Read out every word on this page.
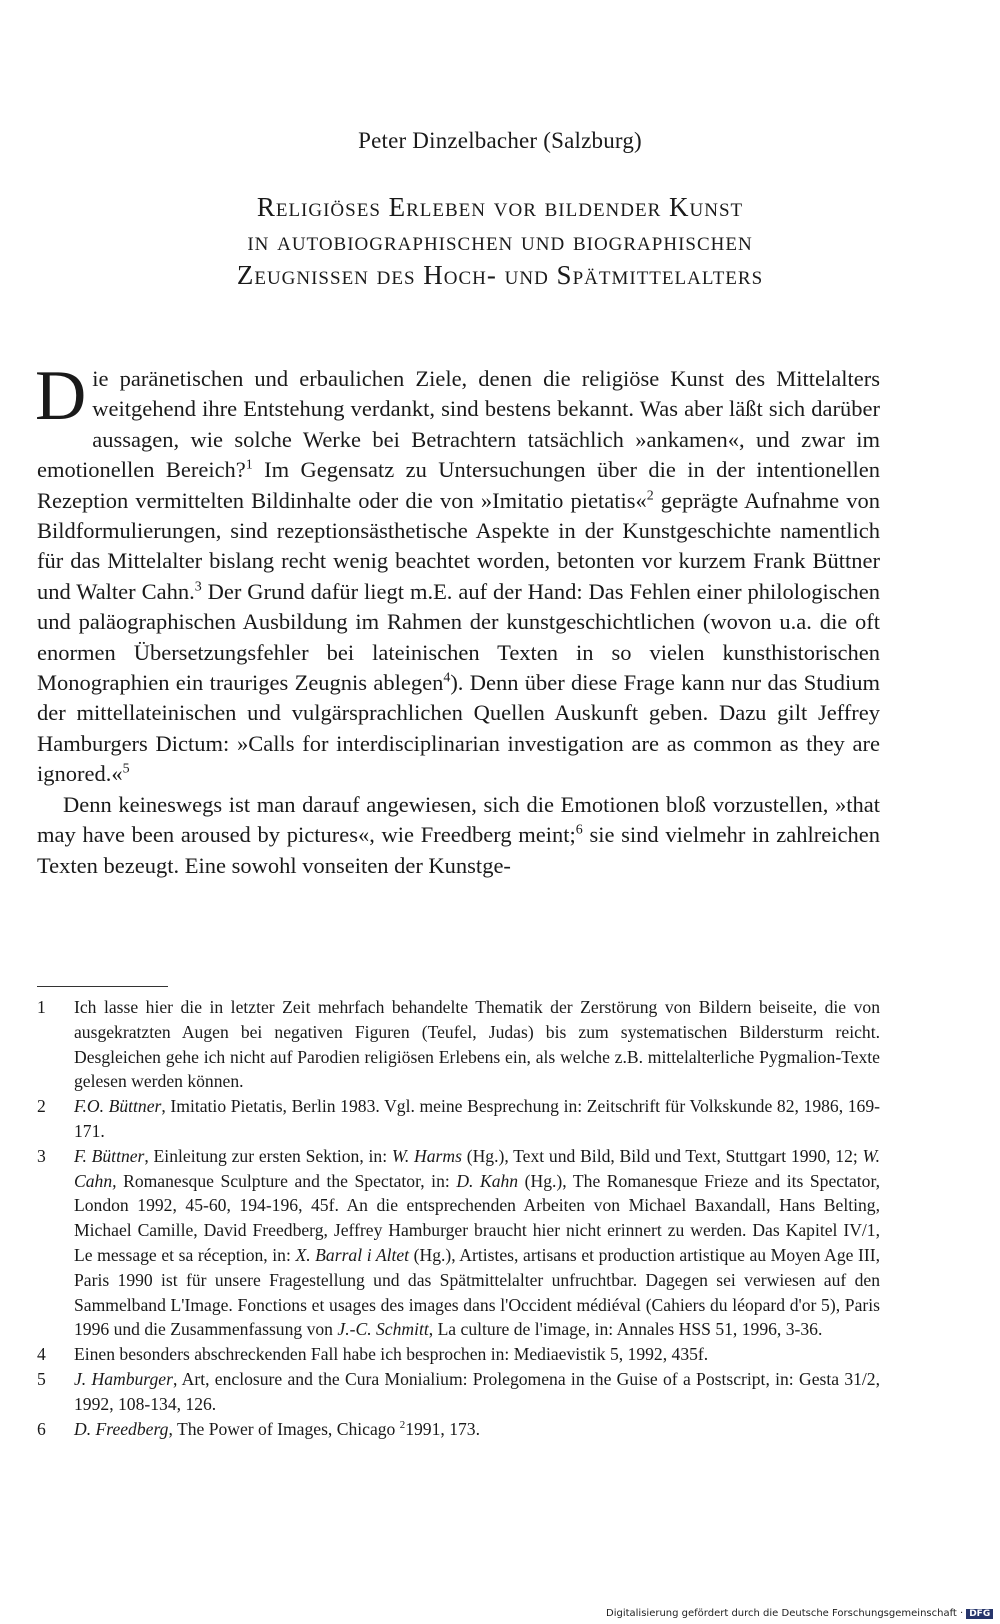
Peter Dinzelbacher (Salzburg)
Religiöses Erleben vor bildender Kunst
in autobiographischen und biographischen
Zeugnissen des Hoch- und Spätmittelalters

Die paränetischen und erbaulichen Ziele, denen die religiöse Kunst des Mittelalters weitgehend ihre Entstehung verdankt, sind bestens bekannt. Was aber läßt sich darüber aussagen, wie solche Werke bei Betrachtern tatsächlich »ankamen«, und zwar im emotionellen Bereich?$^1$ Im Gegensatz zu Untersuchungen über die in der intentionellen Rezeption vermittelten Bildinhalte oder die von »Imitatio pietatis«$^2$ geprägte Aufnahme von Bildformulierungen, sind rezeptionsästhetische Aspekte in der Kunstgeschichte namentlich für das Mittelalter bislang recht wenig beachtet worden, betonten vor kurzem Frank Büttner und Walter Cahn.$^3$ Der Grund dafür liegt m.E. auf der Hand: Das Fehlen einer philologischen und paläographischen Ausbildung im Rahmen der kunstgeschichtlichen (wovon u.a. die oft enormen Übersetzungsfehler bei lateinischen Texten in so vielen kunsthistorischen Monographien ein trauriges Zeugnis ablegen$^4$). Denn über diese Frage kann nur das Studium der mittellateinischen und vulgärsprachlichen Quellen Auskunft geben. Dazu gilt Jeffrey Hamburgers Dictum: »Calls for interdisciplinarian investigation are as common as they are ignored.«$^5$

Denn keineswegs ist man darauf angewiesen, sich die Emotionen bloß vorzustellen, »that may have been aroused by pictures«, wie Freedberg meint;$^6$ sie sind vielmehr in zahlreichen Texten bezeugt. Eine sowohl vonseiten der Kunstge-

1 Ich lasse hier die in letzter Zeit mehrfach behandelte Thematik der Zerstörung von Bildern beiseite, die von ausgekratzten Augen bei negativen Figuren (Teufel, Judas) bis zum systematischen Bildersturm reicht. Desgleichen gehe ich nicht auf Parodien religiösen Erlebens ein, als welche z.B. mittelalterliche Pygmalion-Texte gelesen werden können.
2 F.O. Büttner, Imitatio Pietatis, Berlin 1983. Vgl. meine Besprechung in: Zeitschrift für Volkskunde 82, 1986, 169-171.
3 F. Büttner, Einleitung zur ersten Sektion, in: W. Harms (Hg.), Text und Bild, Bild und Text, Stuttgart 1990, 12; W. Cahn, Romanesque Sculpture and the Spectator, in: D. Kahn (Hg.), The Romanesque Frieze and its Spectator, London 1992, 45-60, 194-196, 45f. An die entsprechenden Arbeiten von Michael Baxandall, Hans Belting, Michael Camille, David Freedberg, Jeffrey Hamburger braucht hier nicht erinnert zu werden. Das Kapitel IV/1, Le message et sa réception, in: X. Barral i Altet (Hg.), Artistes, artisans et production artistique au Moyen Age III, Paris 1990 ist für unsere Fragestellung und das Spätmittelalter unfruchtbar. Dagegen sei verwiesen auf den Sammelband L'Image. Fonctions et usages des images dans l'Occident médiéval (Cahiers du léopard d'or 5), Paris 1996 und die Zusammenfassung von J.-C. Schmitt, La culture de l'image, in: Annales HSS 51, 1996, 3-36.
4 Einen besonders abschreckenden Fall habe ich besprochen in: Mediaevistik 5, 1992, 435f.
5 J. Hamburger, Art, enclosure and the Cura Monialium: Prolegomena in the Guise of a Postscript, in: Gesta 31/2, 1992, 108-134, 126.
6 D. Freedberg, The Power of Images, Chicago $^2$1991, 173.
Digitalisierung gefördert durch die Deutsche Forschungsgemeinschaft · DFG
